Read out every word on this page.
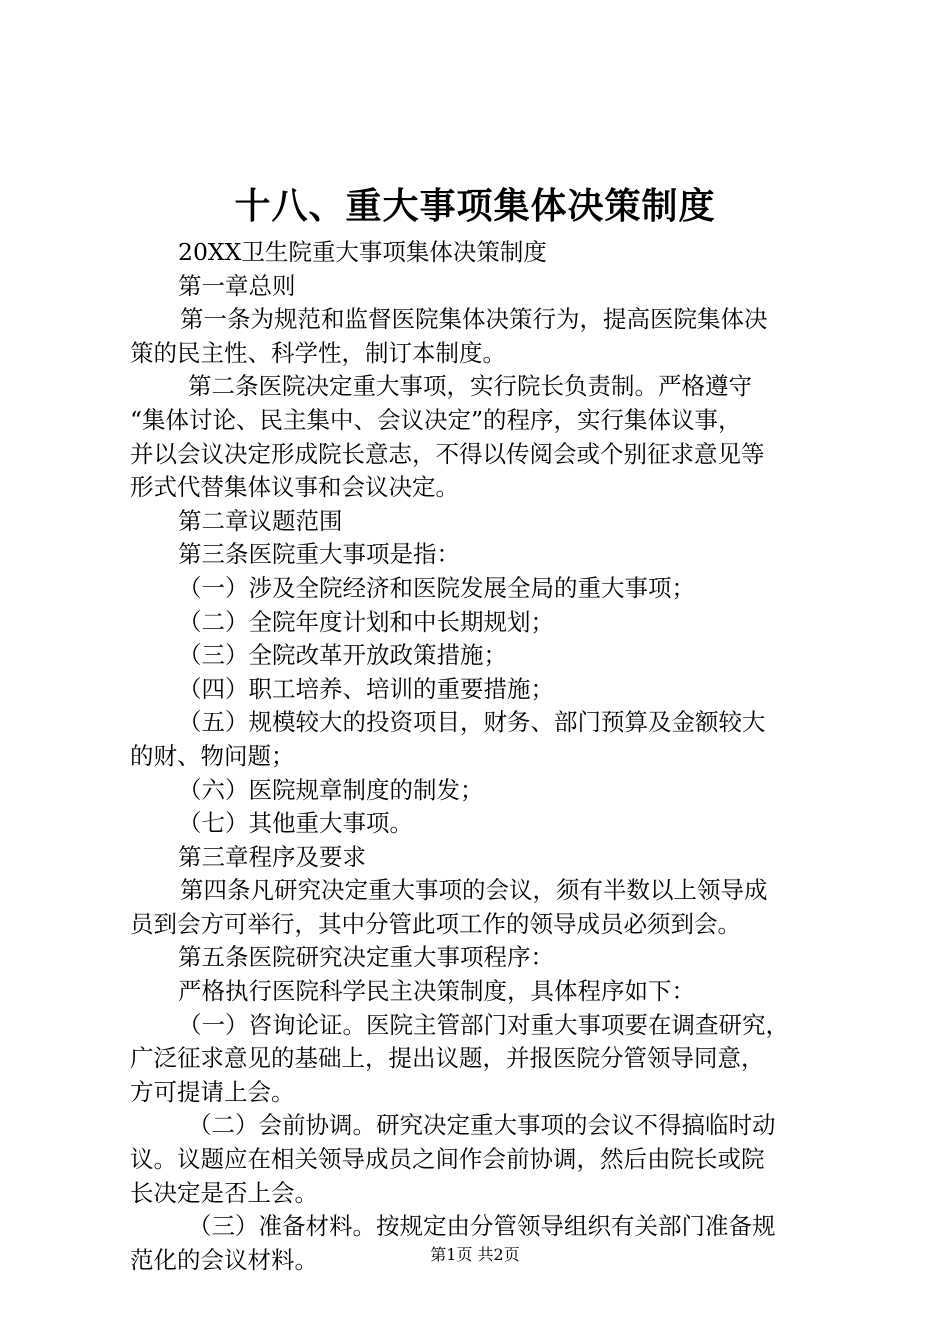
十八、重大事项集体决策制度
20XX卫生院重大事项集体决策制度
第一章总则
第一条为规范和监督医院集体决策行为，提高医院集体决
策的民主性、科学性，制订本制度。
第二条医院决定重大事项，实行院长负责制。严格遵守
“集体讨论、民主集中、会议决定”的程序，实行集体议事，
并以会议决定形成院长意志，不得以传阅会或个别征求意见等
形式代替集体议事和会议决定。
第二章议题范围
第三条医院重大事项是指：
（一）涉及全院经济和医院发展全局的重大事项；
（二）全院年度计划和中长期规划；
（三）全院改革开放政策措施；
（四）职工培养、培训的重要措施；
（五）规模较大的投资项目，财务、部门预算及金额较大
的财、物问题；
（六）医院规章制度的制发；
（七）其他重大事项。
第三章程序及要求
第四条凡研究决定重大事项的会议，须有半数以上领导成
员到会方可举行，其中分管此项工作的领导成员必须到会。
第五条医院研究决定重大事项程序：
严格执行医院科学民主决策制度，具体程序如下：
（一）咨询论证。医院主管部门对重大事项要在调查研究，
广泛征求意见的基础上，提出议题，并报医院分管领导同意，
方可提请上会。
（二）会前协调。研究决定重大事项的会议不得搞临时动
议。议题应在相关领导成员之间作会前协调，然后由院长或院
长决定是否上会。
（三）准备材料。按规定由分管领导组织有关部门准备规
范化的会议材料。	第1页 共2页
